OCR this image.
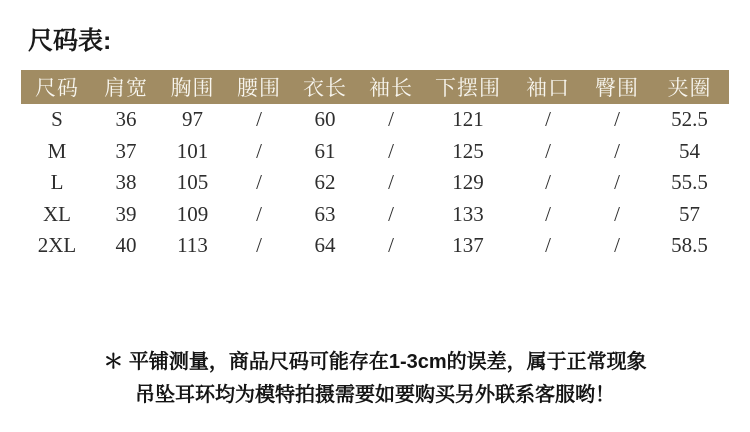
尺码表:
尺码	肩宽	胸围	腰围	衣长	袖长	下摆围	袖口	臀围	夹圈
S	36	97	/	60	/	121	/	/	52.5
M	37	101	/	61	/	125	/	/	54
L	38	105	/	62	/	129	/	/	55.5
XL	39	109	/	63	/	133	/	/	57
2XL	40	113	/	64	/	137	/	/	58.5

＊ 平铺测量，商品尺码可能存在1-3cm的误差，属于正常现象

吊坠耳环均为模特拍摄需要如要购买另外联系客服哟！
